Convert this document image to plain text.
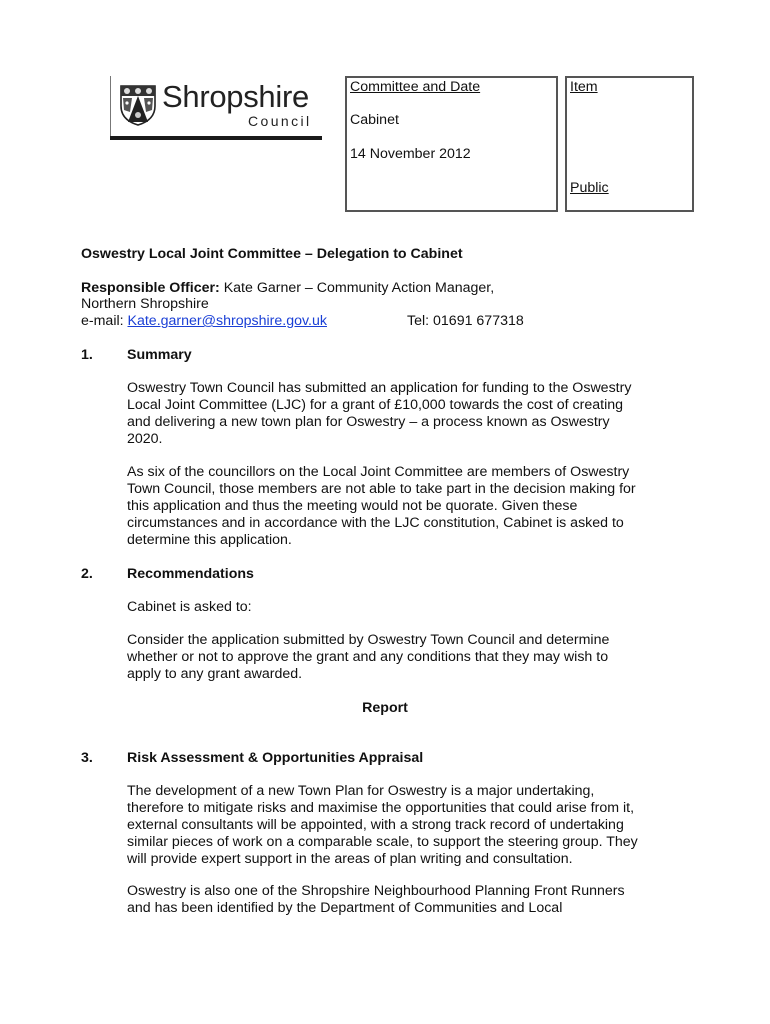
Shropshire
Council
Committee and Date
Cabinet
14 November 2012
Item
Public
Oswestry Local Joint Committee – Delegation to Cabinet
Responsible Officer: Kate Garner – Community Action Manager,
Northern Shropshire
e-mail: Kate.garner@shropshire.gov.uk	Tel: 01691 677318
1. Summary
Oswestry Town Council has submitted an application for funding to the Oswestry
Local Joint Committee (LJC) for a grant of £10,000 towards the cost of creating
and delivering a new town plan for Oswestry – a process known as Oswestry
2020.
As six of the councillors on the Local Joint Committee are members of Oswestry
Town Council, those members are not able to take part in the decision making for
this application and thus the meeting would not be quorate. Given these
circumstances and in accordance with the LJC constitution, Cabinet is asked to
determine this application.
2. Recommendations
Cabinet is asked to:
Consider the application submitted by Oswestry Town Council and determine
whether or not to approve the grant and any conditions that they may wish to
apply to any grant awarded.
Report
3. Risk Assessment & Opportunities Appraisal
The development of a new Town Plan for Oswestry is a major undertaking,
therefore to mitigate risks and maximise the opportunities that could arise from it,
external consultants will be appointed, with a strong track record of undertaking
similar pieces of work on a comparable scale, to support the steering group. They
will provide expert support in the areas of plan writing and consultation.
Oswestry is also one of the Shropshire Neighbourhood Planning Front Runners
and has been identified by the Department of Communities and Local
